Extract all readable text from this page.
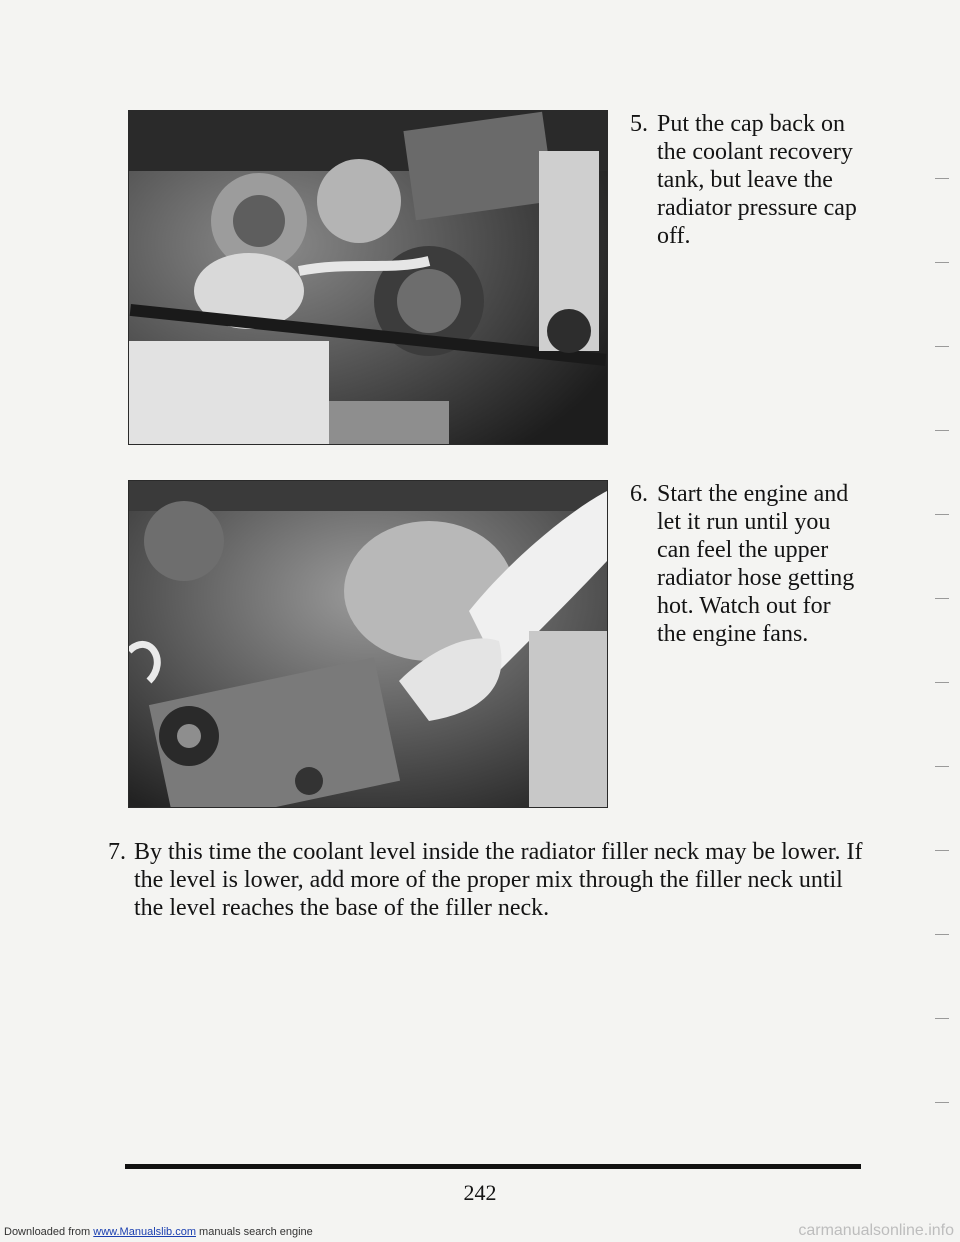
5. Put the cap back on the coolant recovery tank, but leave the radiator pressure cap off.
6. Start the engine and let it run until you can feel the upper radiator hose getting hot. Watch out for the engine fans.
7. By this time the coolant level inside the radiator filler neck may be lower. If the level is lower, add more of the proper mix through the filler neck until the level reaches the base of the filler neck.
242
Downloaded from www.Manualslib.com manuals search engine	carmanualsonline.info
